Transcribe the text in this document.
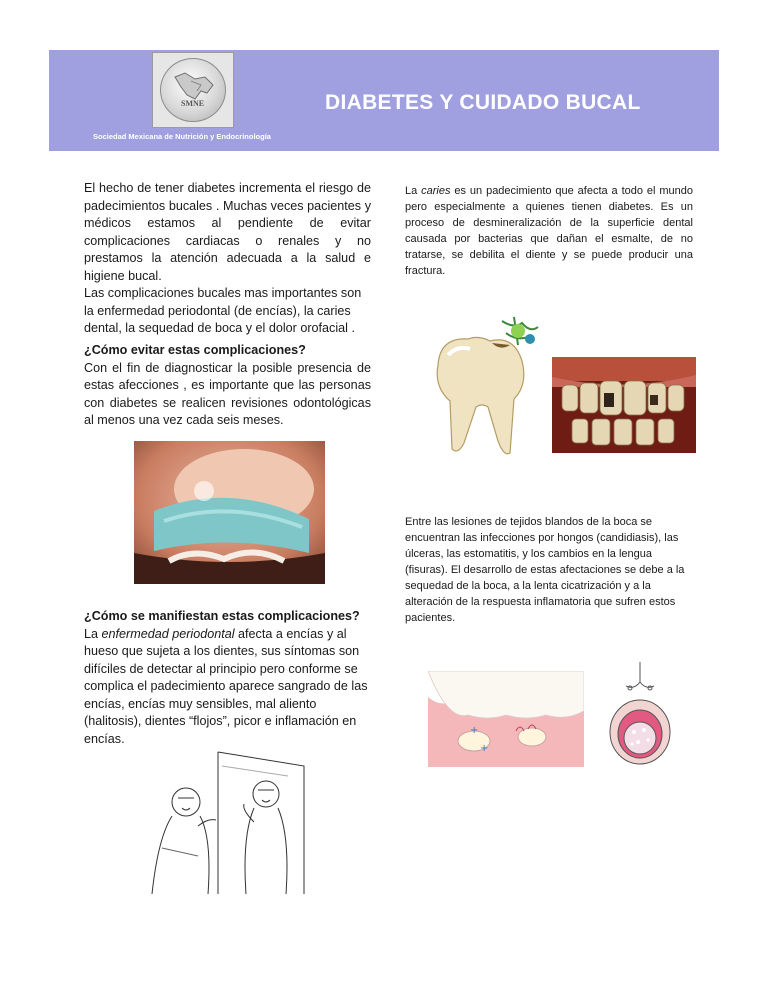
SMNE	DIABETES Y CUIDADO BUCAL
Sociedad Mexicana de Nutrición y Endocrinología

El hecho de tener diabetes incrementa el riesgo de padecimientos bucales . Muchas veces pacientes y médicos estamos al pendiente de evitar complicaciones cardiacas o renales y no prestamos la atención adecuada a la salud e higiene bucal.

Las complicaciones bucales mas importantes son la enfermedad periodontal (de encías), la caries dental, la sequedad de boca y el dolor orofacial .

¿Cómo evitar estas complicaciones?

Con el fin de diagnosticar la posible presencia de estas afecciones , es importante que las personas con diabetes se realicen revisiones odontológicas al menos una vez cada seis meses.

¿Cómo se manifiestan estas complicaciones?

La enfermedad periodontal afecta a encías y al hueso que sujeta a los dientes, sus síntomas son difíciles de detectar al principio pero conforme se complica el padecimiento aparece sangrado de las encías, encías muy sensibles, mal aliento (halitosis), dientes “flojos”, picor e inflamación en encías.

La caries es un padecimiento que afecta a todo el mundo pero especialmente a quienes tienen diabetes. Es un proceso de desmineralización de la superficie dental causada por bacterias que dañan el esmalte, de no tratarse, se debilita el diente y se puede producir una fractura.

Entre las lesiones de tejidos blandos de la boca se encuentran las infecciones por hongos (candidiasis), las úlceras, las estomatitis, y los cambios en la lengua (fisuras). El desarrollo de estas afectaciones se debe a la sequedad de la boca, a la lenta cicatrización y a la alteración de la respuesta inflamatoria que sufren estos pacientes.

+
+
